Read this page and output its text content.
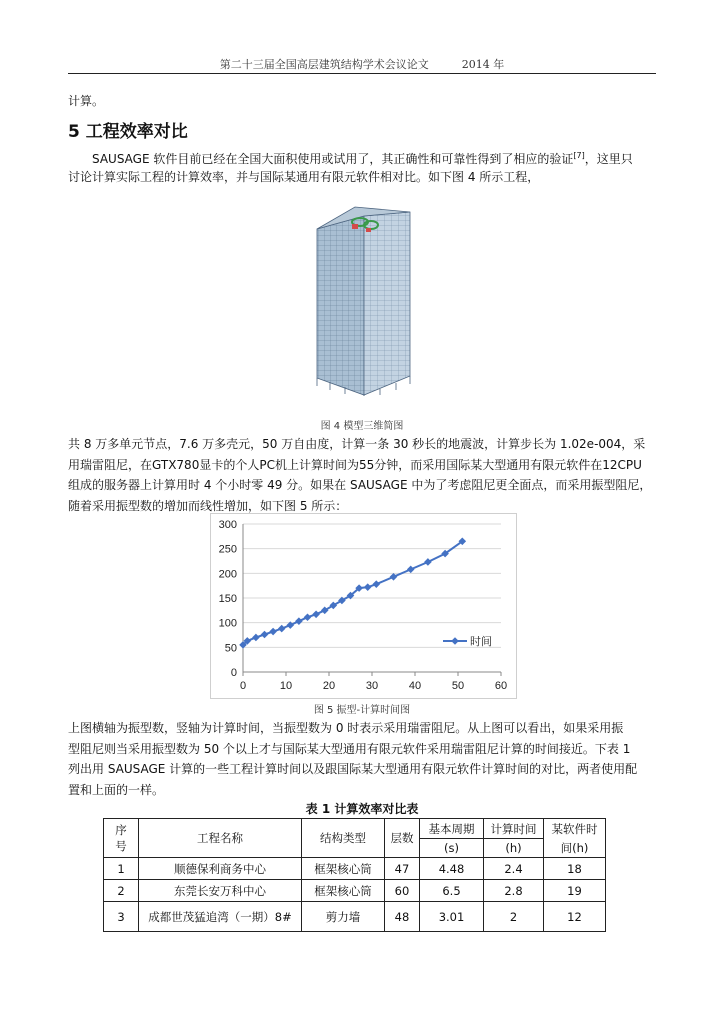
第二十三届全国高层建筑结构学术会议论文	2014 年
计算。
5 工程效率对比
SAUSAGE 软件目前已经在全国大面积使用或试用了，其正确性和可靠性得到了相应的验证[7]，这里只
讨论计算实际工程的计算效率，并与国际某通用有限元软件相对比。如下图 4 所示工程，
图 4 模型三维简图
共 8 万多单元节点，7.6 万多壳元，50 万自由度，计算一条 30 秒长的地震波，计算步长为 1.02e-004，采
用瑞雷阻尼，在GTX780显卡的个人PC机上计算时间为55分钟，而采用国际某大型通用有限元软件在12CPU
组成的服务器上计算用时 4 个小时零 49 分。如果在 SAUSAGE 中为了考虑阻尼更全面点，而采用振型阻尼，
随着采用振型数的增加而线性增加，如下图 5 所示：
0
50
100
150
200
250
300
0	10	20	30	40	50	60
时间
图 5 振型-计算时间图
上图横轴为振型数，竖轴为计算时间，当振型数为 0 时表示采用瑞雷阻尼。从上图可以看出，如果采用振
型阻尼则当采用振型数为 50 个以上才与国际某大型通用有限元软件采用瑞雷阻尼计算的时间接近。下表 1
列出用 SAUSAGE 计算的一些工程计算时间以及跟国际某大型通用有限元软件计算时间的对比，两者使用配
置和上面的一样。
表 1 计算效率对比表
序
号	工程名称	结构类型	层数	基本周期	计算时间	某软件时
				(s)	(h)	间(h)
1	顺德保利商务中心	框架核心筒	47	4.48	2.4	18
2	东莞长安万科中心	框架核心筒	60	6.5	2.8	19
3	成都世茂猛追湾（一期）8#	剪力墙	48	3.01	2	12
